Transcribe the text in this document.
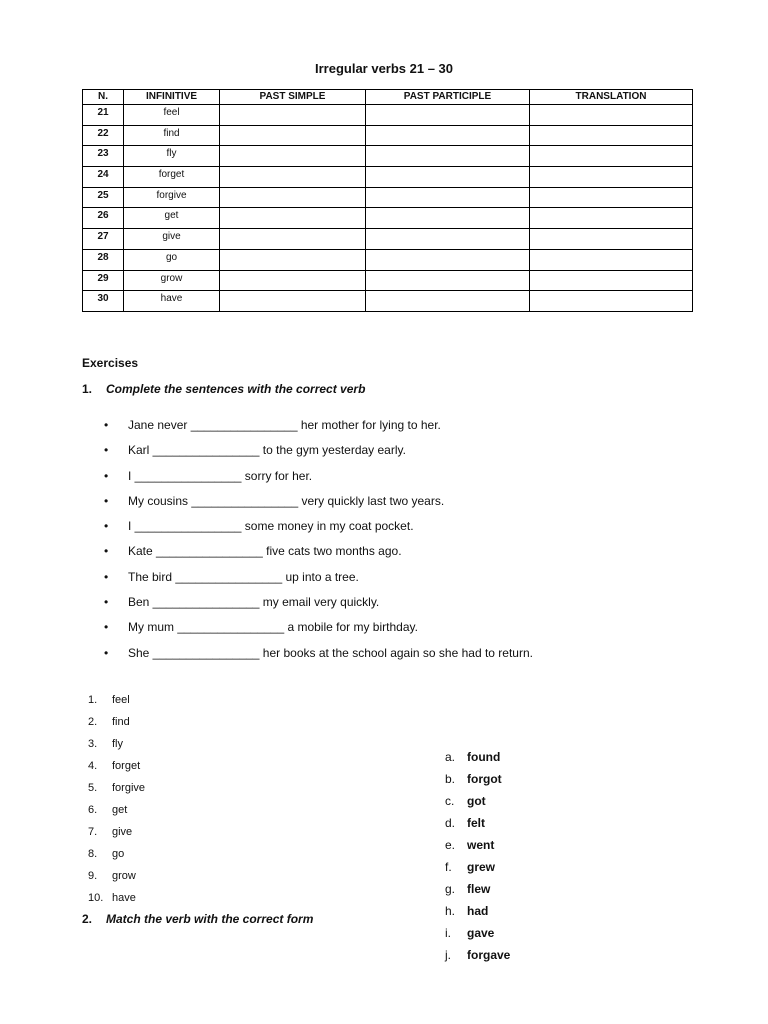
Irregular verbs 21 – 30
N.	INFINITIVE	PAST SIMPLE	PAST PARTICIPLE	TRANSLATION
21	feel			
22	find			
23	fly			
24	forget			
25	forgive			
26	get			
27	give			
28	go			
29	grow			
30	have			
Exercises
1. Complete the sentences with the correct verb
• Jane never ________________ her mother for lying to her.
• Karl ________________ to the gym yesterday early.
• I ________________ sorry for her.
• My cousins ________________ very quickly last two years.
• I ________________ some money in my coat pocket.
• Kate ________________ five cats two months ago.
• The bird ________________ up into a tree.
• Ben ________________ my email very quickly.
• My mum ________________ a mobile for my birthday.
• She ________________ her books at the school again so she had to return.
1. feel
2. find
3. fly
4. forget
5. forgive
6. get
7. give
8. go
9. grow
10. have
a. found
b. forgot
c. got
d. felt
e. went
f. grew
g. flew
h. had
i. gave
j. forgave
2. Match the verb with the correct form
